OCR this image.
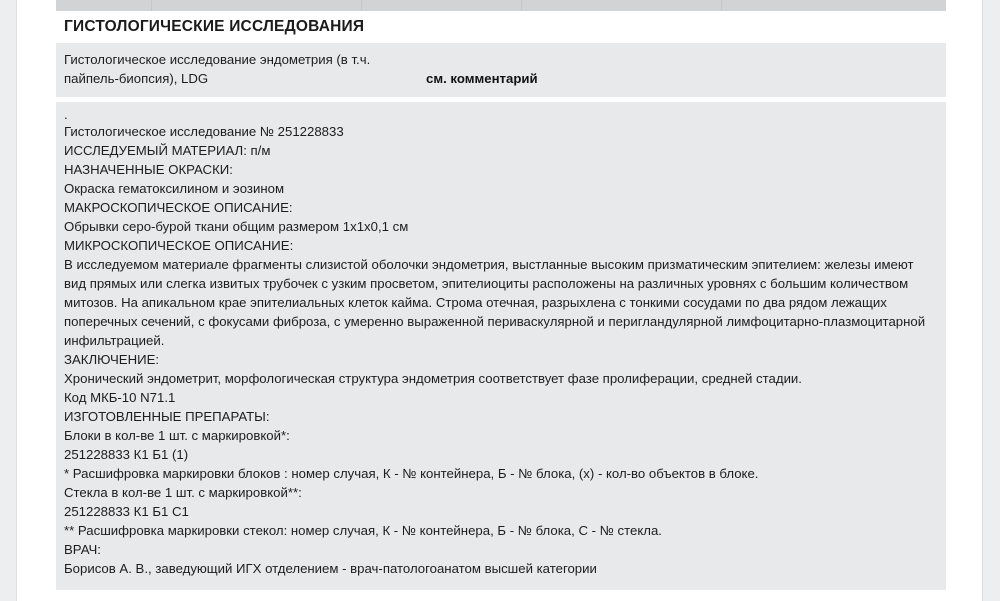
ГИСТОЛОГИЧЕСКИЕ ИССЛЕДОВАНИЯ
Гистологическое исследование эндометрия (в т.ч. пайпель-биопсия), LDG	см. комментарий
.
Гистологическое исследование № 251228833
ИССЛЕДУЕМЫЙ МАТЕРИАЛ: п/м
НАЗНАЧЕННЫЕ ОКРАСКИ:
Окраска гематоксилином и эозином
МАКРОСКОПИЧЕСКОЕ ОПИСАНИЕ:
Обрывки серо-бурой ткани общим размером 1х1х0,1 см
МИКРОСКОПИЧЕСКОЕ ОПИСАНИЕ:
В исследуемом материале фрагменты слизистой оболочки эндометрия, выстланные высоким призматическим эпителием: железы имеют вид прямых или слегка извитых трубочек с узким просветом, эпителиоциты расположены на различных уровнях с большим количеством митозов. На апикальном крае эпителиальных клеток кайма. Строма отечная, разрыхлена с тонкими сосудами по два рядом лежащих поперечных сечений, с фокусами фиброза, с умеренно выраженной периваскулярной и перигландулярной лимфоцитарно-плазмоцитарной инфильтрацией.
ЗАКЛЮЧЕНИЕ:
Хронический эндометрит, морфологическая структура эндометрия соответствует фазе пролиферации, средней стадии.
Код МКБ-10 N71.1
ИЗГОТОВЛЕННЫЕ ПРЕПАРАТЫ:
Блоки в кол-ве 1 шт. с маркировкой*:
251228833 К1 Б1 (1)
* Расшифровка маркировки блоков : номер случая, К - № контейнера, Б - № блока, (х) - кол-во объектов в блоке.
Стекла в кол-ве 1 шт. с маркировкой**:
251228833 К1 Б1 С1
** Расшифровка маркировки стекол: номер случая, К - № контейнера, Б - № блока, С - № стекла.
ВРАЧ:
Борисов А. В., заведующий ИГХ отделением - врач-патологоанатом высшей категории
